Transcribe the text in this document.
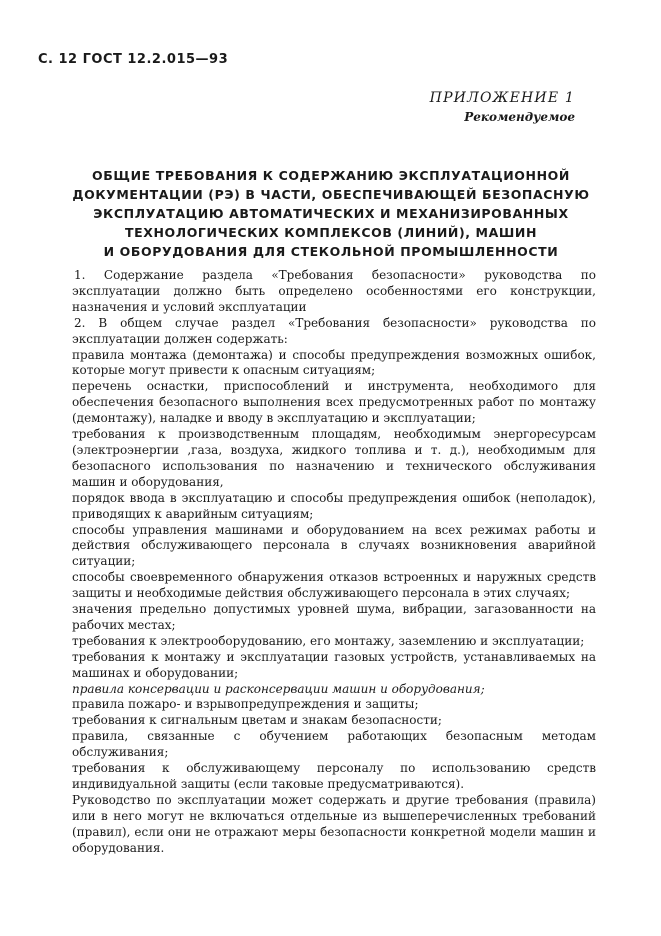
С. 12 ГОСТ 12.2.015—93
ПРИЛОЖЕНИЕ 1
Рекомендуемое
ОБЩИЕ ТРЕБОВАНИЯ К СОДЕРЖАНИЮ ЭКСПЛУАТАЦИОННОЙ
ДОКУМЕНТАЦИИ (РЭ) В ЧАСТИ, ОБЕСПЕЧИВАЮЩЕЙ БЕЗОПАСНУЮ
ЭКСПЛУАТАЦИЮ АВТОМАТИЧЕСКИХ И МЕХАНИЗИРОВАННЫХ
ТЕХНОЛОГИЧЕСКИХ КОМПЛЕКСОВ (ЛИНИЙ), МАШИН
И ОБОРУДОВАНИЯ ДЛЯ СТЕКОЛЬНОЙ ПРОМЫШЛЕННОСТИ

1. Содержание раздела «Требования безопасности» руководства по эксплуатации должно быть определено особенностями его конструкции, назначения и условий эксплуатации

2. В общем случае раздел «Требования безопасности» руководства по эксплуатации должен содержать:

правила монтажа (демонтажа) и способы предупреждения возможных ошибок, которые могут привести к опасным ситуациям;

перечень оснастки, приспособлений и инструмента, необходимого для обеспечения безопасного выполнения всех предусмотренных работ по монтажу (демонтажу), наладке и вводу в эксплуатацию и эксплуатации;

требования к производственным площадям, необходимым энергоресурсам (электроэнергии ,газа, воздуха, жидкого топлива и т. д.), необходимым для безопасного использования по назначению и технического обслуживания машин и оборудования,

порядок ввода в эксплуатацию и способы предупреждения ошибок (неполадок), приводящих к аварийным ситуациям;

способы управления машинами и оборудованием на всех режимах работы и действия обслуживающего персонала в случаях возникновения аварийной ситуации;

способы своевременного обнаружения отказов встроенных и наружных средств защиты и необходимые действия обслуживающего персонала в этих случаях;

значения предельно допустимых уровней шума, вибрации, загазованности на рабочих местах;

требования к электрооборудованию, его монтажу, заземлению и эксплуатации;

требования к монтажу и эксплуатации газовых устройств, устанавливаемых на машинах и оборудовании;

правила консервации и расконсервации машин и оборудования;

правила пожаро- и взрывопредупреждения и защиты;

требования к сигнальным цветам и знакам безопасности;

правила, связанные с обучением работающих безопасным методам обслуживания;

требования к обслуживающему персоналу по использованию средств индивидуальной защиты (если таковые предусматриваются).

Руководство по эксплуатации может содержать и другие требования (правила) или в него могут не включаться отдельные из вышеперечисленных требований (правил), если они не отражают меры безопасности конкретной модели машин и оборудования.
